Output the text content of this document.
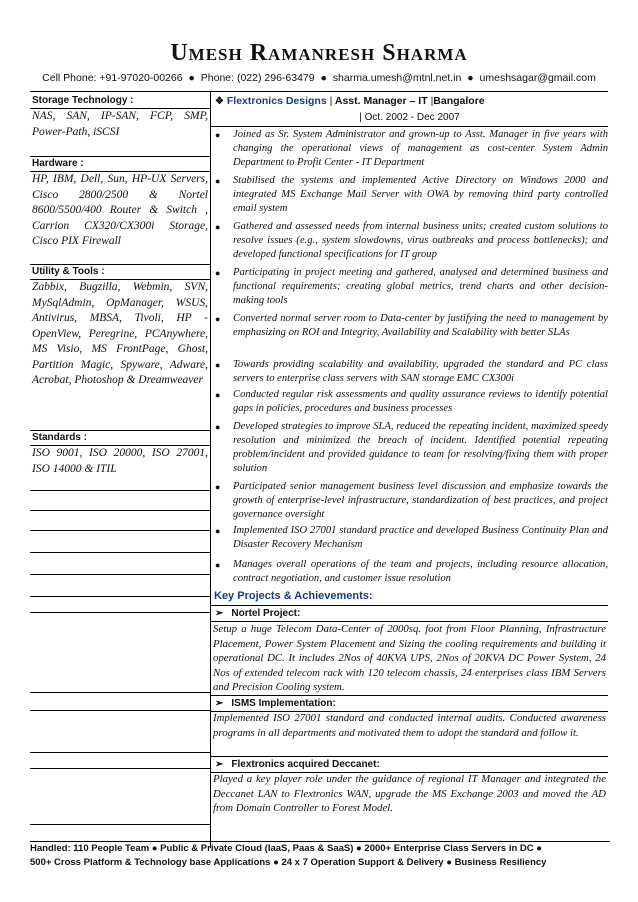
Umesh Ramanresh Sharma
Cell Phone: +91-97020-00266 ● Phone: (022) 296-63479 ● sharma.umesh@mtnl.net.in ● umeshsagar@gmail.com
Storage Technology :
NAS, SAN, IP-SAN, FCP, SMP, Power-Path, iSCSI
Hardware :
HP, IBM, Dell, Sun, HP-UX Servers, Cisco 2800/2500 & Nortel 8600/5500/400 Router & Switch , Carrion CX320/CX300i Storage, Cisco PIX Firewall
Utility & Tools :
Zabbix, Bugzilla, Webmin, SVN, MySqlAdmin, OpManager, WSUS, Antivirus, MBSA, Tivoli, HP - OpenView, Peregrine, PCAnywhere, MS Visio, MS FrontPage, Ghost, Partition Magic, Spyware, Adware, Acrobat, Photoshop & Dreamweaver
Standards :
ISO 9001, ISO 20000, ISO 27001, ISO 14000 & ITIL
❖ Flextronics Designs | Asst. Manager – IT |Bangalore
| Oct. 2002 - Dec 2007
● Joined as Sr. System Administrator and grown-up to Asst. Manager in five years with changing the operational views of management as cost-center System Admin Department to Profit Center - IT Department
● Stabilised the systems and implemented Active Directory on Windows 2000 and integrated MS Exchange Mail Server with OWA by removing third party controlled email system
● Gathered and assessed needs from internal business units; created custom solutions to resolve issues (e.g., system slowdowns, virus outbreaks and process bottlenecks); and developed functional specifications for IT group
● Participating in project meeting and gathered, analysed and determined business and functional requirements; creating global metrics, trend charts and other decision-making tools
● Converted normal server room to Data-center by justifying the need to management by emphasizing on ROI and Integrity, Availability and Scalability with better SLAs
● Towards providing scalability and availability, upgraded the standard and PC class servers to enterprise class servers with SAN storage EMC CX300i
● Conducted regular risk assessments and quality assurance reviews to identify potential gaps in policies, procedures and business processes
● Developed strategies to improve SLA, reduced the repeating incident, maximized speedy resolution and minimized the breach of incident. Identified potential repeating problem/incident and provided guidance to team for resolving/fixing them with proper solution
● Participated senior management business level discussion and emphasize towards the growth of enterprise-level infrastructure, standardization of best practices, and project governance oversight
● Implemented ISO 27001 standard practice and developed Business Continuity Plan and Disaster Recovery Mechanism
● Manages overall operations of the team and projects, including resource allocation, contract negotiation, and customer issue resolution
Key Projects & Achievements:
➢ Nortel Project:
Setup a huge Telecom Data-Center of 2000sq. foot from Floor Planning, Infrastructure Placement, Power System Placement and Sizing the cooling requirements and building it operational DC. It includes 2Nos of 40KVA UPS, 2Nos of 20KVA DC Power System, 24 Nos of extended telecom rack with 120 telecom chassis, 24 enterprises class IBM Servers and Precision Cooling system.
➢ ISMS Implementation:
Implemented ISO 27001 standard and conducted internal audits. Conducted awareness programs in all departments and motivated them to adopt the standard and follow it.
➢ Flextronics acquired Deccanet:
Played a key player role under the guidance of regional IT Manager and integrated the Deccanet LAN to Flextronics WAN, upgrade the MS Exchange 2003 and moved the AD from Domain Controller to Forest Model.
Handled: 110 People Team ● Public & Private Cloud (IaaS, Paas & SaaS) ● 2000+ Enterprise Class Servers in DC ●
500+ Cross Platform & Technology base Applications ● 24 x 7 Operation Support & Delivery ● Business Resiliency
